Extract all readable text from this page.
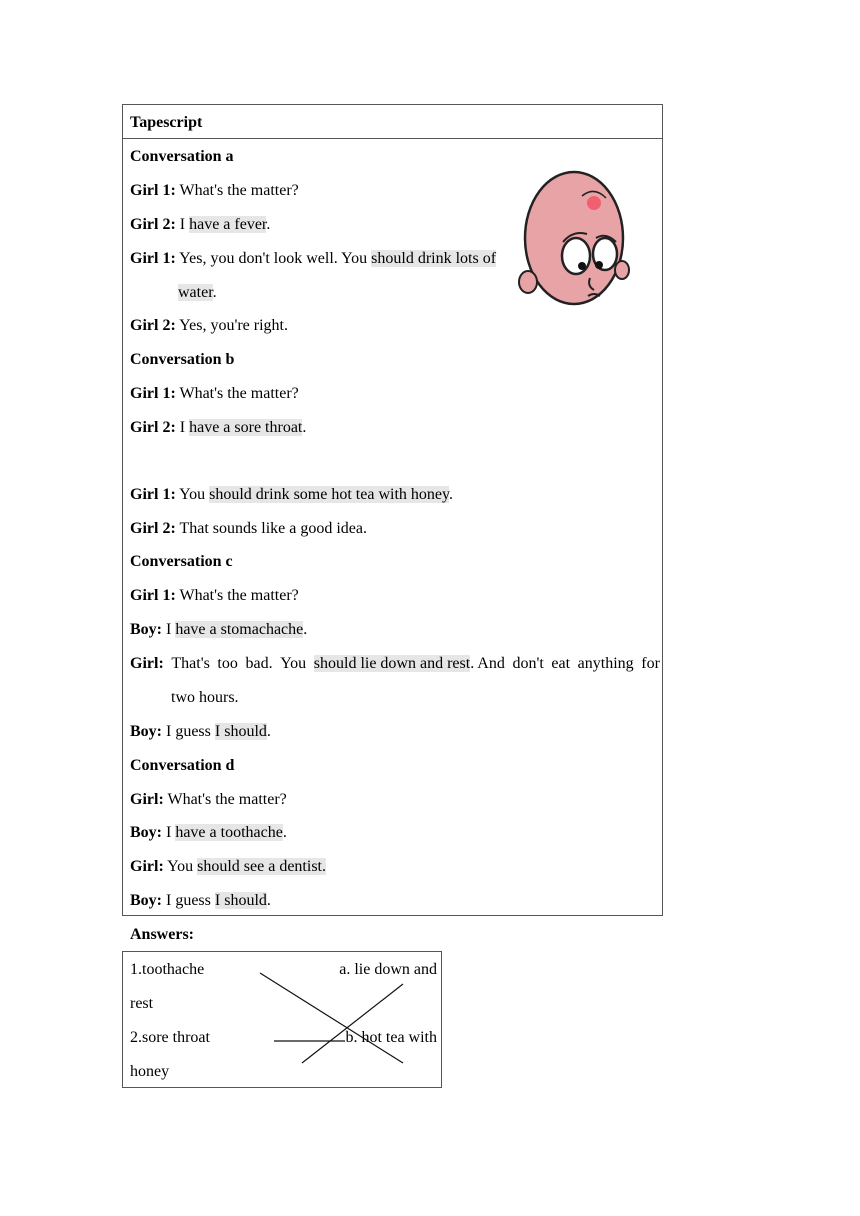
Tapescript
Conversation a
Girl 1: What's the matter?
Girl 2: I have a fever.
Girl 1: Yes, you don't look well. You should drink lots of
water.
Girl 2: Yes, you're right.
Conversation b
Girl 1: What's the matter?
Girl 2: I have a sore throat.
Girl 1: You should drink some hot tea with honey.
Girl 2: That sounds like a good idea.
Conversation c
Girl 1: What's the matter?
Boy: I have a stomachache.
Girl: That's too bad. You should lie down and rest. And don't eat anything for
two hours.
Boy: I guess I should.
Conversation d
Girl: What's the matter?
Boy: I have a toothache.
Girl: You should see a dentist.
Boy: I guess I should.
Answers:
1.toothache	a. lie down and
rest
2.sore throat	b. hot tea with
honey
